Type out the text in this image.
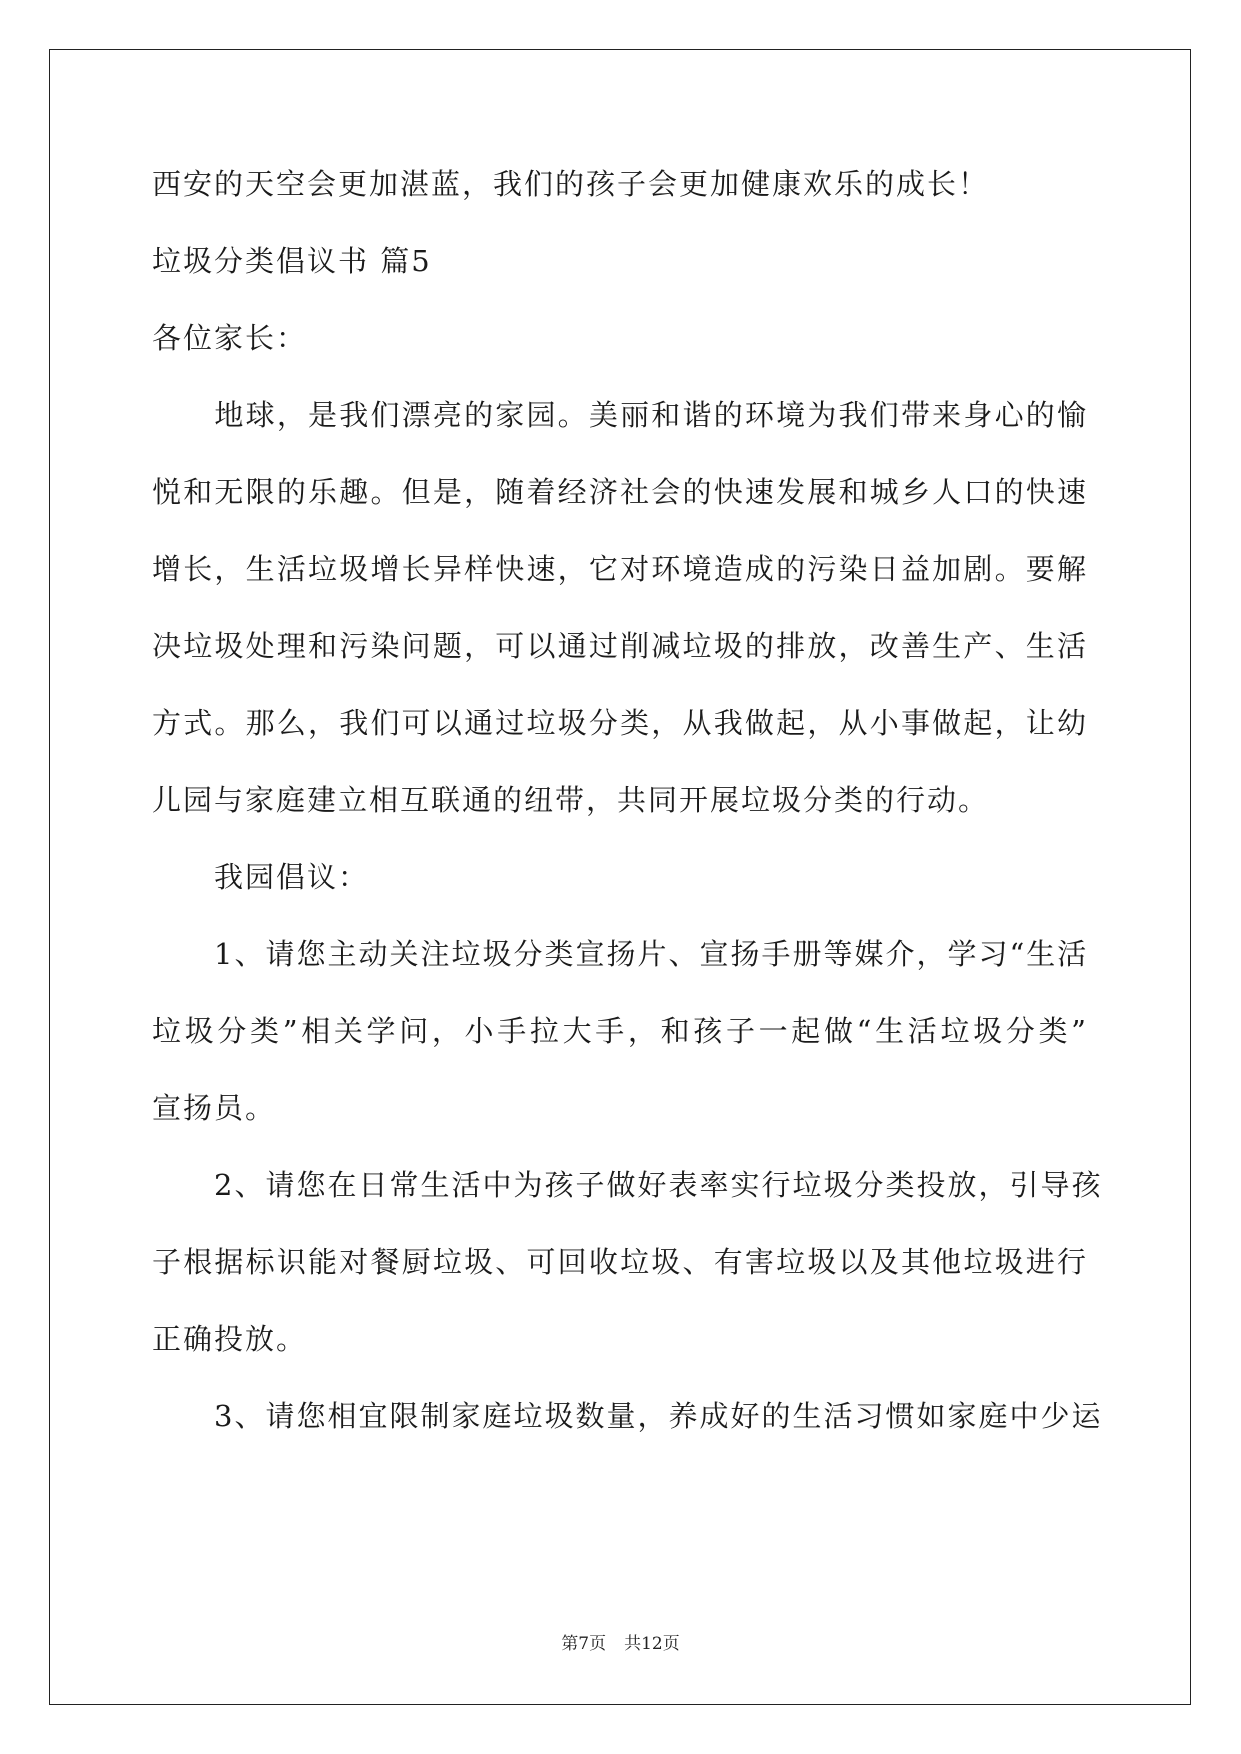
西安的天空会更加湛蓝，我们的孩子会更加健康欢乐的成长！
垃圾分类倡议书 篇5
各位家长：
　　地球，是我们漂亮的家园。美丽和谐的环境为我们带来身心的愉
悦和无限的乐趣。但是，随着经济社会的快速发展和城乡人口的快速
增长，生活垃圾增长异样快速，它对环境造成的污染日益加剧。要解
决垃圾处理和污染问题，可以通过削减垃圾的排放，改善生产、生活
方式。那么，我们可以通过垃圾分类，从我做起，从小事做起，让幼
儿园与家庭建立相互联通的纽带，共同开展垃圾分类的行动。
　　我园倡议：
　　1、请您主动关注垃圾分类宣扬片、宣扬手册等媒介，学习“生活
垃圾分类”相关学问，小手拉大手，和孩子一起做“生活垃圾分类”
宣扬员。
　　2、请您在日常生活中为孩子做好表率实行垃圾分类投放，引导孩
子根据标识能对餐厨垃圾、可回收垃圾、有害垃圾以及其他垃圾进行
正确投放。
　　3、请您相宜限制家庭垃圾数量，养成好的生活习惯如家庭中少运
第7页 共12页
